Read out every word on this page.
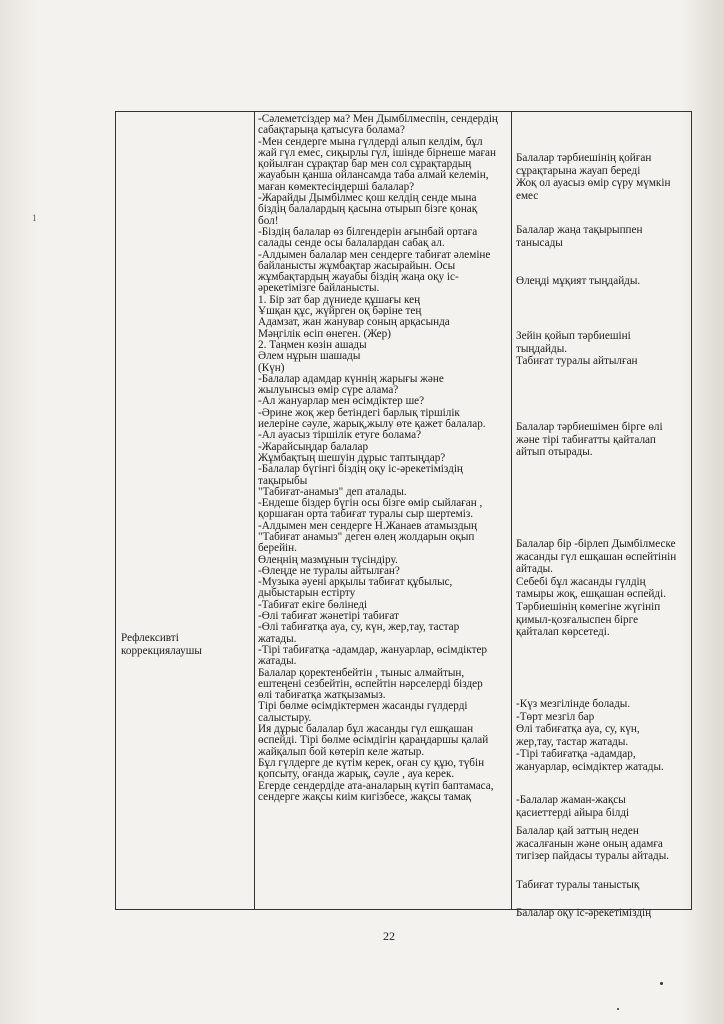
1
Рефлексивті
коррекциялаушы
-Сәлеметсіздер ма? Мен Дымбілмеспін, сендердің
сабақтарыңа қатысуға болама?
-Мен сендерге мына гүлдерді алып келдім, бұл
жай гүл емес, сиқырлы гүл, ішінде бірнеше маған
қойылған сұрақтар бар мен сол сұрақтардың
жауабын қанша ойлансамда таба алмай келемін,
маған көмектесіңдерші балалар?
-Жарайды Дымбілмес қош келдің сенде мына
біздің балалардың қасына отырып бізге қонақ
бол!
-Біздің балалар өз білгендерін ағынбай ортаға
салады сенде осы балалардан сабақ ал.
-Алдымен балалар мен сендерге табиғат әлеміне
байланысты жұмбақтар жасырайын. Осы
жұмбақтардың жауабы біздің жаңа оқу іс-
әрекетімізге байланысты.
1. Бір зат бар дүниеде құшағы кең
Ұшқан құс, жүйрген оқ бәріне тең
Адамзат, жан жанувар соның арқасында
Мәңгілік өсіп өнеген. (Жер)
2. Таңмен көзін ашады
Әлем нұрын шашады
(Күн)
-Балалар адамдар күннің жарығы және
жылуынсыз өмір сүре алама?
-Ал жануарлар мен өсімдіктер ше?
-Әрине жоқ жер бетіндегі барлық тіршілік
иелеріне сәуле, жарық,жылу өте қажет балалар.
-Ал ауасыз тіршілік етуге болама?
-Жарайсыңдар балалар
Жұмбақтың шешуін дұрыс таптыңдар?
-Балалар бүгінгі біздің оқу іс-әрекетіміздің
тақырыбы
"Табиғат-анамыз" деп аталады.
-Ендеше біздер бүгін осы бізге өмір сыйлаған ,
қоршаған орта табиғат туралы сыр шертеміз.
-Алдымен мен сендерге Н.Жанаев атамыздың
"Табиғат анамыз" деген өлең жолдарын оқып
берейін.
Өлеңнің мазмұнын түсіндіру.
-Өлеңде не туралы айтылған?
-Музыка әуені арқылы табиғат құбылыс,
дыбыстарын естірту
-Табиғат екіге бөлінеді
-Өлі табиғат жәнетірі табиғат
-Өлі табиғатқа ауа, су, күн, жер,тау, тастар
жатады.
-Тірі табиғатқа -адамдар, жануарлар, өсімдіктер
жатады.
Балалар қоректенбейтін , тыныс алмайтын,
ештеңені сезбейтін, өспейтін нәрселерді біздер
өлі табиғатқа жатқызамыз.
Тірі бөлме өсімдіктермен жасанды гүлдерді
салыстыру.
Ия дұрыс балалар бұл жасанды гүл ешқашан
өспейді. Тірі бөлме өсімдігін қараңдаршы қалай
жайқалып бой көтеріп келе жатыр.
Бұл гүлдерге де күтім керек, оған су құю, түбін
қопсыту, оғанда жарық, сәуле , ауа керек.
Егерде сендердіде ата-аналарың күтіп баптамаса,
сендерге жақсы киім кигізбесе, жақсы тамақ
Балалар тәрбиешінің қойған
сұрақтарына жауап береді
Жоқ ол ауасыз өмір сүру мүмкін
емес
Балалар жаңа тақырыппен
танысады
Өлеңді мұқият тыңдайды.
Зейін қойып тәрбиешіні
тыңдайды.
Табиғат туралы айтылған
Балалар тәрбиешімен бірге өлі
және тірі табиғатты қайталап
айтып отырады.
Балалар бір -бірлеп Дымбілмеске
жасанды гүл ешқашан өспейтінін
айтады.
Себебі бұл жасанды гүлдің
тамыры жоқ, ешқашан өспейді.
Тәрбиешінің көмегіне жүгініп
қимыл-қозғалыспен бірге
қайталап көрсетеді.
-Күз мезгілінде болады.
-Төрт мезгіл бар
Өлі табиғатқа ауа, су, күн,
жер,тау, тастар жатады.
-Тірі табиғатқа -адамдар,
жануарлар, өсімдіктер жатады.
-Балалар жаман-жақсы
қасиеттерді айыра білді
Балалар қай заттың неден
жасалғанын және оның адамға
тигізер пайдасы туралы айтады.
Табиғат туралы таныстық
Балалар оқу іс-әрекетіміздің
22
